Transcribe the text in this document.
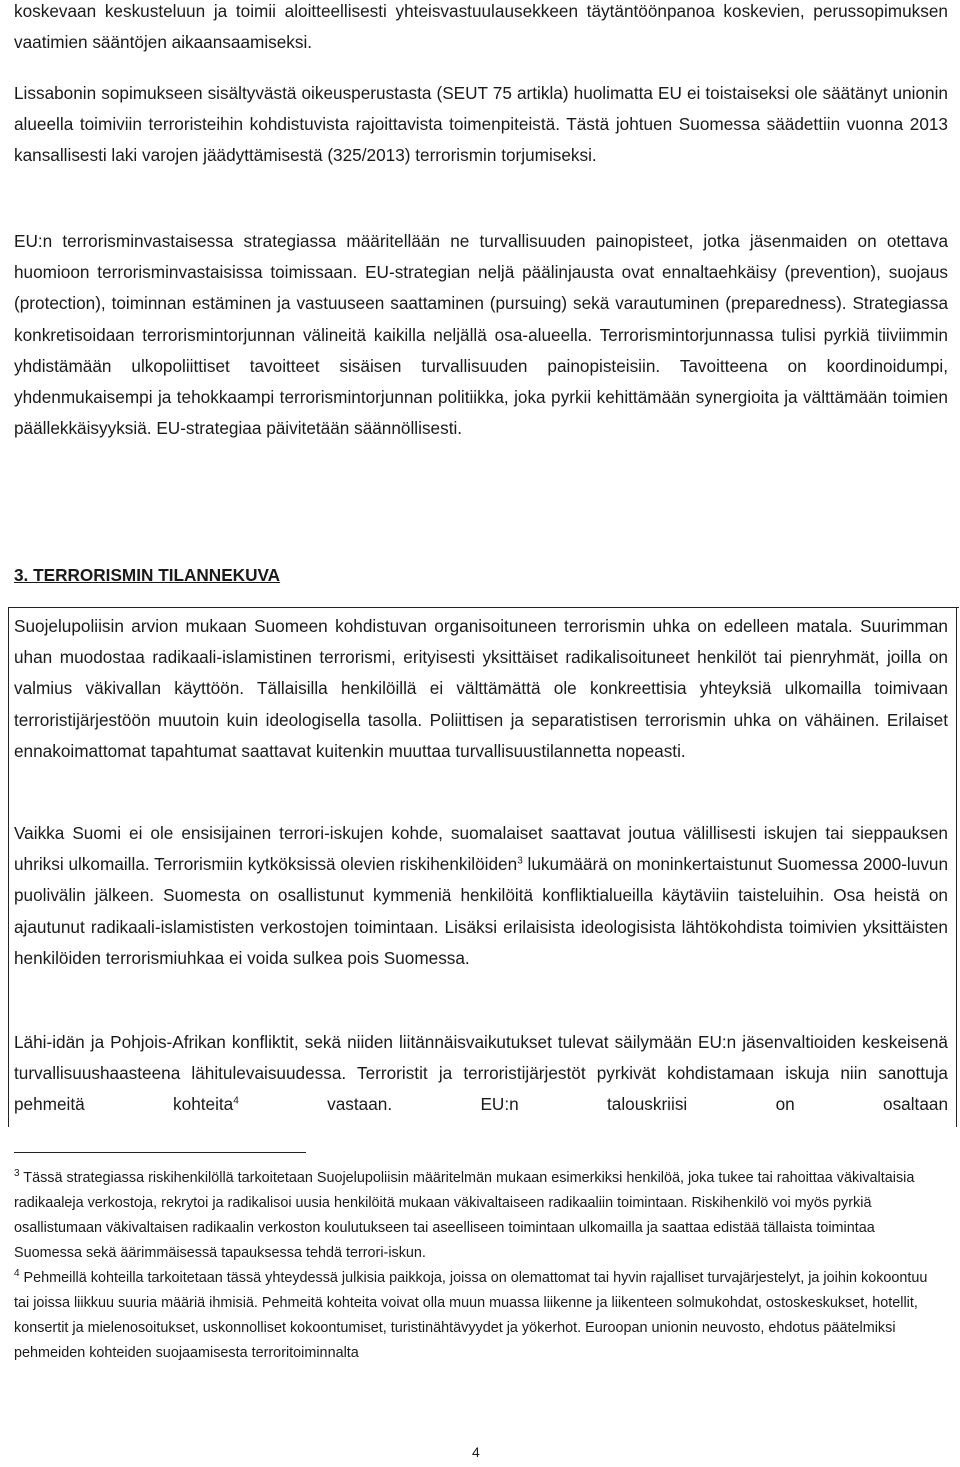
koskevaan keskusteluun ja toimii aloitteellisesti yhteisvastuulausekkeen täytäntöönpanoa koskevien, perussopimuksen vaatimien sääntöjen aikaansaamiseksi.

Lissabonin sopimukseen sisältyvästä oikeusperustasta (SEUT 75 artikla) huolimatta EU ei toistaiseksi ole säätänyt unionin alueella toimiviin terroristeihin kohdistuvista rajoittavista toimenpiteistä. Tästä johtuen Suomessa säädettiin vuonna 2013 kansallisesti laki varojen jäädyttämisestä (325/2013) terrorismin torjumiseksi.

EU:n terrorisminvastaisessa strategiassa määritellään ne turvallisuuden painopisteet, jotka jäsenmaiden on otettava huomioon terrorisminvastaisissa toimissaan. EU-strategian neljä päälinjausta ovat ennaltaehkäisy (prevention), suojaus (protection), toiminnan estäminen ja vastuuseen saattaminen (pursuing) sekä varautuminen (preparedness). Strategiassa konkretisoidaan terrorismintorjunnan välineitä kaikilla neljällä osa-alueella. Terrorismintorjunnassa tulisi pyrkiä tiiviimmin yhdistämään ulkopoliittiset tavoitteet sisäisen turvallisuuden painopisteisiin. Tavoitteena on koordinoidumpi, yhdenmukaisempi ja tehokkaampi terrorismintorjunnan politiikka, joka pyrkii kehittämään synergioita ja välttämään toimien päällekkäisyyksiä. EU-strategiaa päivitetään säännöllisesti.

3. TERRORISMIN TILANNEKUVA

Suojelupoliisin arvion mukaan Suomeen kohdistuvan organisoituneen terrorismin uhka on edelleen matala. Suurimman uhan muodostaa radikaali-islamistinen terrorismi, erityisesti yksittäiset radikalisoituneet henkilöt tai pienryhmät, joilla on valmius väkivallan käyttöön. Tällaisilla henkilöillä ei välttämättä ole konkreettisia yhteyksiä ulkomailla toimivaan terroristijärjestöön muutoin kuin ideologisella tasolla. Poliittisen ja separatistisen terrorismin uhka on vähäinen. Erilaiset ennakoimattomat tapahtumat saattavat kuitenkin muuttaa turvallisuustilannetta nopeasti.

Vaikka Suomi ei ole ensisijainen terrori-iskujen kohde, suomalaiset saattavat joutua välillisesti iskujen tai sieppauksen uhriksi ulkomailla. Terrorismiin kytköksissä olevien riskihenkilöiden$^3$ lukumäärä on moninkertaistunut Suomessa 2000-luvun puolivälin jälkeen. Suomesta on osallistunut kymmeniä henkilöitä konfliktialueilla käytäviin taisteluihin. Osa heistä on ajautunut radikaali-islamististen verkostojen toimintaan. Lisäksi erilaisista ideologisista lähtökohdista toimivien yksittäisten henkilöiden terrorismiuhkaa ei voida sulkea pois Suomessa.

Lähi-idän ja Pohjois-Afrikan konfliktit, sekä niiden liitännäisvaikutukset tulevat säilymään EU:n jäsenvaltioiden keskeisenä turvallisuushaasteena lähitulevaisuudessa. Terroristit ja terroristijärjestöt pyrkivät kohdistamaan iskuja niin sanottuja pehmeitä kohteita$^4$ vastaan. EU:n talouskriisi on osaltaan

$^3$ Tässä strategiassa riskihenkilöllä tarkoitetaan Suojelupoliisin määritelmän mukaan esimerkiksi henkilöä, joka tukee tai rahoittaa väkivaltaisia radikaaleja verkostoja, rekrytoi ja radikalisoi uusia henkilöitä mukaan väkivaltaiseen radikaaliin toimintaan. Riskihenkilö voi myös pyrkiä osallistumaan väkivaltaisen radikaalin verkoston koulutukseen tai aseelliseen toimintaan ulkomailla ja saattaa edistää tällaista toimintaa Suomessa sekä äärimmäisessä tapauksessa tehdä terrori-iskun.

$^4$ Pehmeillä kohteilla tarkoitetaan tässä yhteydessä julkisia paikkoja, joissa on olemattomat tai hyvin rajalliset turvajärjestelyt, ja joihin kokoontuu tai joissa liikkuu suuria määriä ihmisiä. Pehmeitä kohteita voivat olla muun muassa liikenne ja liikenteen solmukohdat, ostoskeskukset, hotellit, konsertit ja mielenosoitukset, uskonnolliset kokoontumiset, turistinähtävyydet ja yökerhot. Euroopan unionin neuvosto, ehdotus päätelmiksi pehmeiden kohteiden suojaamisesta terroritoiminnalta

4
